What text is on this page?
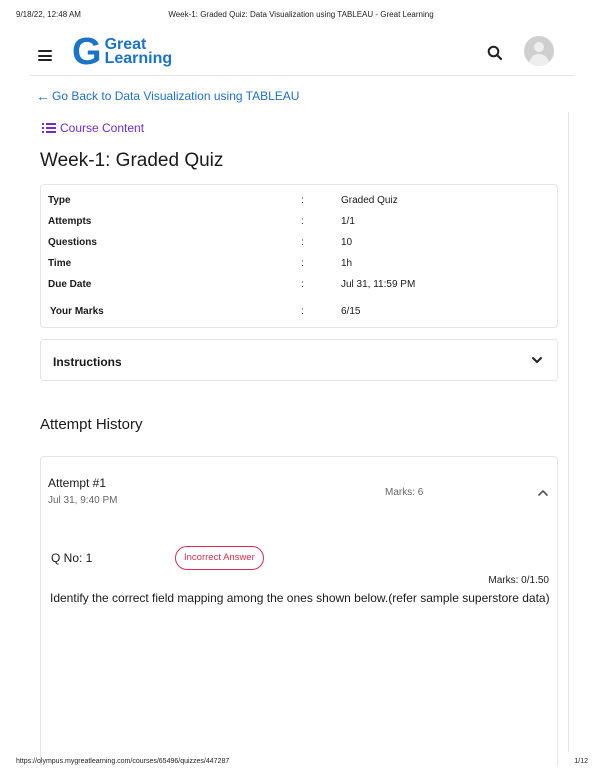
9/18/22, 12:48 AM	Week-1: Graded Quiz: Data Visualization using TABLEAU - Great Learning
G Great
Learning
← Go Back to Data Visualization using TABLEAU
Course Content
Week-1: Graded Quiz
Type	:	Graded Quiz
Attempts	:	1/1
Questions	:	10
Time	:	1h
Due Date	:	Jul 31, 11:59 PM
Your Marks	:	6/15
Instructions
Attempt History
Attempt #1
Jul 31, 9:40 PM
Marks: 6
Q No: 1	Incorrect Answer
Marks: 0/1.50
Identify the correct field mapping among the ones shown below.(refer sample superstore data)
https://olympus.mygreatlearning.com/courses/65496/quizzes/447287	1/12
